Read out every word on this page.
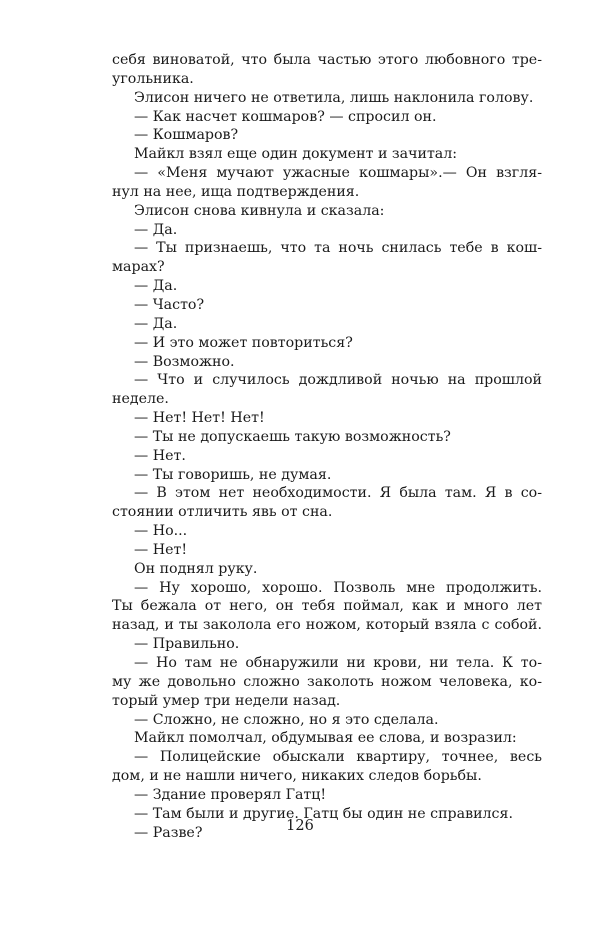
себя виноватой, что была частью этого любовного тре-
угольника.
Элисон ничего не ответила, лишь наклонила голову.
— Как насчет кошмаров? — спросил он.
— Кошмаров?
Майкл взял еще один документ и зачитал:
— «Меня мучают ужасные кошмары».— Он взгля-
нул на нее, ища подтверждения.
Элисон снова кивнула и сказала:
— Да.
— Ты признаешь, что та ночь снилась тебе в кош-
марах?
— Да.
— Часто?
— Да.
— И это может повториться?
— Возможно.
— Что и случилось дождливой ночью на прошлой
неделе.
— Нет! Нет! Нет!
— Ты не допускаешь такую возможность?
— Нет.
— Ты говоришь, не думая.
— В этом нет необходимости. Я была там. Я в со-
стоянии отличить явь от сна.
— Но...
— Нет!
Он поднял руку.
— Ну хорошо, хорошо. Позволь мне продолжить.
Ты бежала от него, он тебя поймал, как и много лет
назад, и ты заколола его ножом, который взяла с собой.
— Правильно.
— Но там не обнаружили ни крови, ни тела. К то-
му же довольно сложно заколоть ножом человека, ко-
торый умер три недели назад.
— Сложно, не сложно, но я это сделала.
Майкл помолчал, обдумывая ее слова, и возразил:
— Полицейские обыскали квартиру, точнее, весь
дом, и не нашли ничего, никаких следов борьбы.
— Здание проверял Гатц!
— Там были и другие. Гатц бы один не справился.
— Разве?	126
